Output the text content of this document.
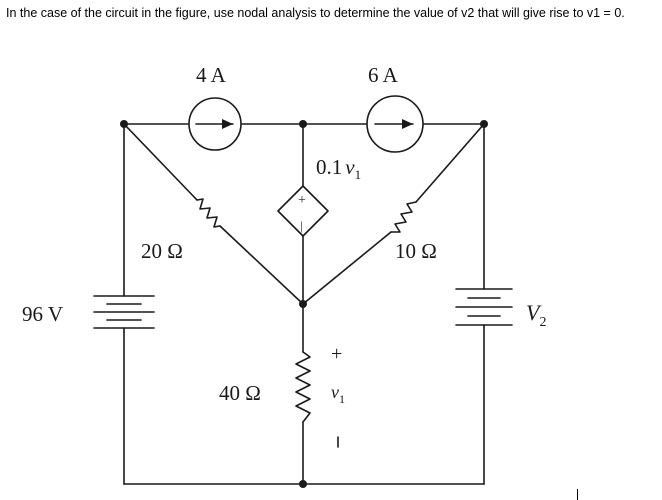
In the case of the circuit in the figure, use nodal analysis to determine the value of v2 that will give rise to v1 = 0.
4 A	6 A
0.1 $v_1$
+
|
20 Ω	10 Ω
40 Ω
96 V	$V_2$
+
$v_1$
